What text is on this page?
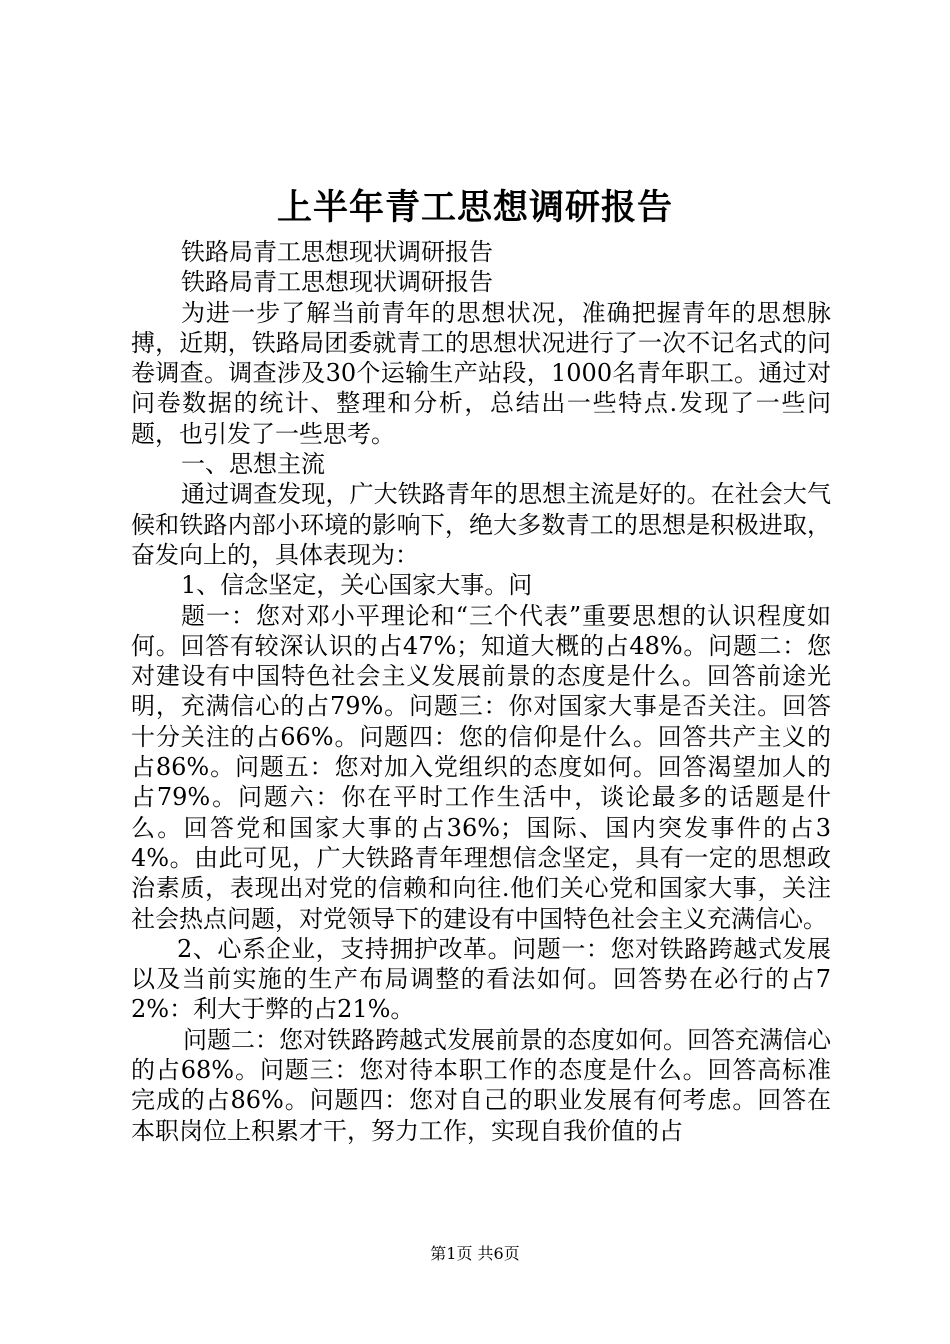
上半年青工思想调研报告

铁路局青工思想现状调研报告

铁路局青工思想现状调研报告

为进一步了解当前青年的思想状况，准确把握青年的思想脉搏，近期，铁路局团委就青工的思想状况进行了一次不记名式的问卷调查。调查涉及30个运输生产站段，1000名青年职工。通过对问卷数据的统计、整理和分析，总结出一些特点.发现了一些问题，也引发了一些思考。

一、思想主流

通过调查发现，广大铁路青年的思想主流是好的。在社会大气候和铁路内部小环境的影响下，绝大多数青工的思想是积极进取，奋发向上的，具体表现为：

1、信念坚定，关心国家大事。问

题一：您对邓小平理论和“三个代表”重要思想的认识程度如何。回答有较深认识的占47%；知道大概的占48%。问题二：您对建设有中国特色社会主义发展前景的态度是什么。回答前途光明，充满信心的占79%。问题三：你对国家大事是否关注。回答十分关注的占66%。问题四：您的信仰是什么。回答共产主义的占86%。问题五：您对加入党组织的态度如何。回答渴望加人的占79%。问题六：你在平时工作生活中，谈论最多的话题是什么。回答党和国家大事的占36%；国际、国内突发事件的占34%。由此可见，广大铁路青年理想信念坚定，具有一定的思想政治素质，表现出对党的信赖和向往.他们关心党和国家大事，关注社会热点问题，对党领导下的建设有中国特色社会主义充满信心。

2、心系企业，支持拥护改革。问题一：您对铁路跨越式发展以及当前实施的生产布局调整的看法如何。回答势在必行的占72%：利大于弊的占21%。

问题二：您对铁路跨越式发展前景的态度如何。回答充满信心的占68%。问题三：您对待本职工作的态度是什么。回答高标准完成的占86%。问题四：您对自己的职业发展有何考虑。回答在本职岗位上积累才干，努力工作，实现自我价值的占

第1页 共6页
